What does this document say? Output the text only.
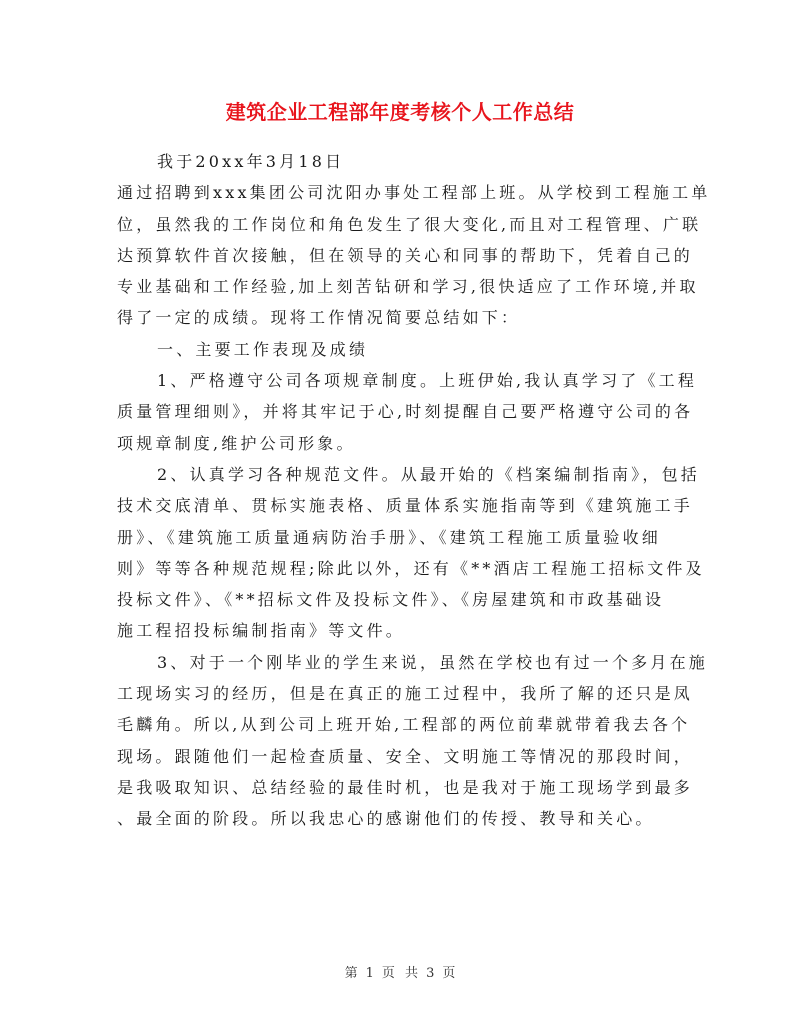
建筑企业工程部年度考核个人工作总结
我于20xx年3月18日
通过招聘到xxx集团公司沈阳办事处工程部上班。从学校到工程施工单
位，虽然我的工作岗位和角色发生了很大变化,而且对工程管理、广联
达预算软件首次接触，但在领导的关心和同事的帮助下，凭着自己的
专业基础和工作经验,加上刻苦钻研和学习,很快适应了工作环境,并取
得了一定的成绩。现将工作情况简要总结如下：
一、主要工作表现及成绩
1、严格遵守公司各项规章制度。上班伊始,我认真学习了《工程
质量管理细则》，并将其牢记于心,时刻提醒自己要严格遵守公司的各
项规章制度,维护公司形象。
2、认真学习各种规范文件。从最开始的《档案编制指南》，包括
技术交底清单、贯标实施表格、质量体系实施指南等到《建筑施工手
册》、《建筑施工质量通病防治手册》、《建筑工程施工质量验收细
则》等等各种规范规程;除此以外，还有《**酒店工程施工招标文件及
投标文件》、《**招标文件及投标文件》、《房屋建筑和市政基础设
施工程招投标编制指南》等文件。
3、对于一个刚毕业的学生来说，虽然在学校也有过一个多月在施
工现场实习的经历，但是在真正的施工过程中，我所了解的还只是凤
毛麟角。所以,从到公司上班开始,工程部的两位前辈就带着我去各个
现场。跟随他们一起检查质量、安全、文明施工等情况的那段时间，
是我吸取知识、总结经验的最佳时机，也是我对于施工现场学到最多
、最全面的阶段。所以我忠心的感谢他们的传授、教导和关心。
第 1 页 共 3 页
